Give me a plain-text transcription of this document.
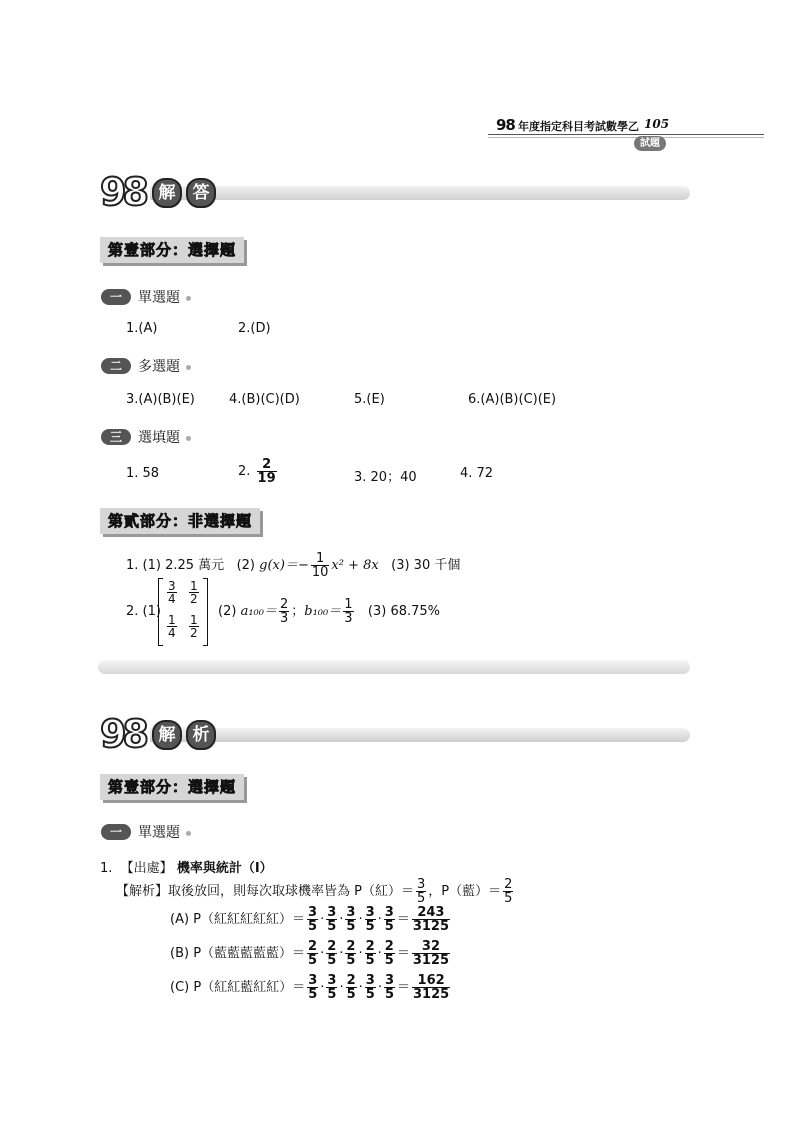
98 年度指定科目考試數學乙 105
試題
98 解	答
第壹部分：選擇題
一	單選題
1.(A)	2.(D)
二	多選題
3.(A)(B)(E)	4.(B)(C)(D)	5.(E)	6.(A)(B)(C)(E)
三	選填題
1. 58	2. $\frac{2}{19}$	3. 20；40	4. 72
第貳部分：非選擇題
1. (1) 2.25 萬元 (2) $g(x)=- \frac{1}{10} x^2 + 8x$ (3) 30 千個
2. (1)
$\frac{3}{4} \frac{1}{2}$
$\frac{1}{4} \frac{1}{2}$
(2) $a_{100}= \frac{2}{3}$ ；$b_{100}= \frac{1}{3} (3)$ 68.75%
98 解	析
第壹部分：選擇題
一	單選題
1. 【出處】 機率與統計（Ⅰ）
【解析】取後放回，則每次取球機率皆為 P（紅）＝ $\frac{3}{5}$ ，P（藍）＝ $\frac{2}{5}$
(A) P（紅紅紅紅紅）＝ $\frac{3}{5} \cdot \frac{3}{5} \cdot \frac{3}{5} \cdot \frac{3}{5} \cdot \frac{3}{5} = \frac{243}{3125}$
(B) P（藍藍藍藍藍）＝ $\frac{2}{5} \cdot \frac{2}{5} \cdot \frac{2}{5} \cdot \frac{2}{5} \cdot \frac{2}{5} = \frac{32}{3125}$
(C) P（紅紅藍紅紅）＝ $\frac{3}{5} \cdot \frac{3}{5} \cdot \frac{2}{5} \cdot \frac{3}{5} \cdot \frac{3}{5} = \frac{162}{3125}$
